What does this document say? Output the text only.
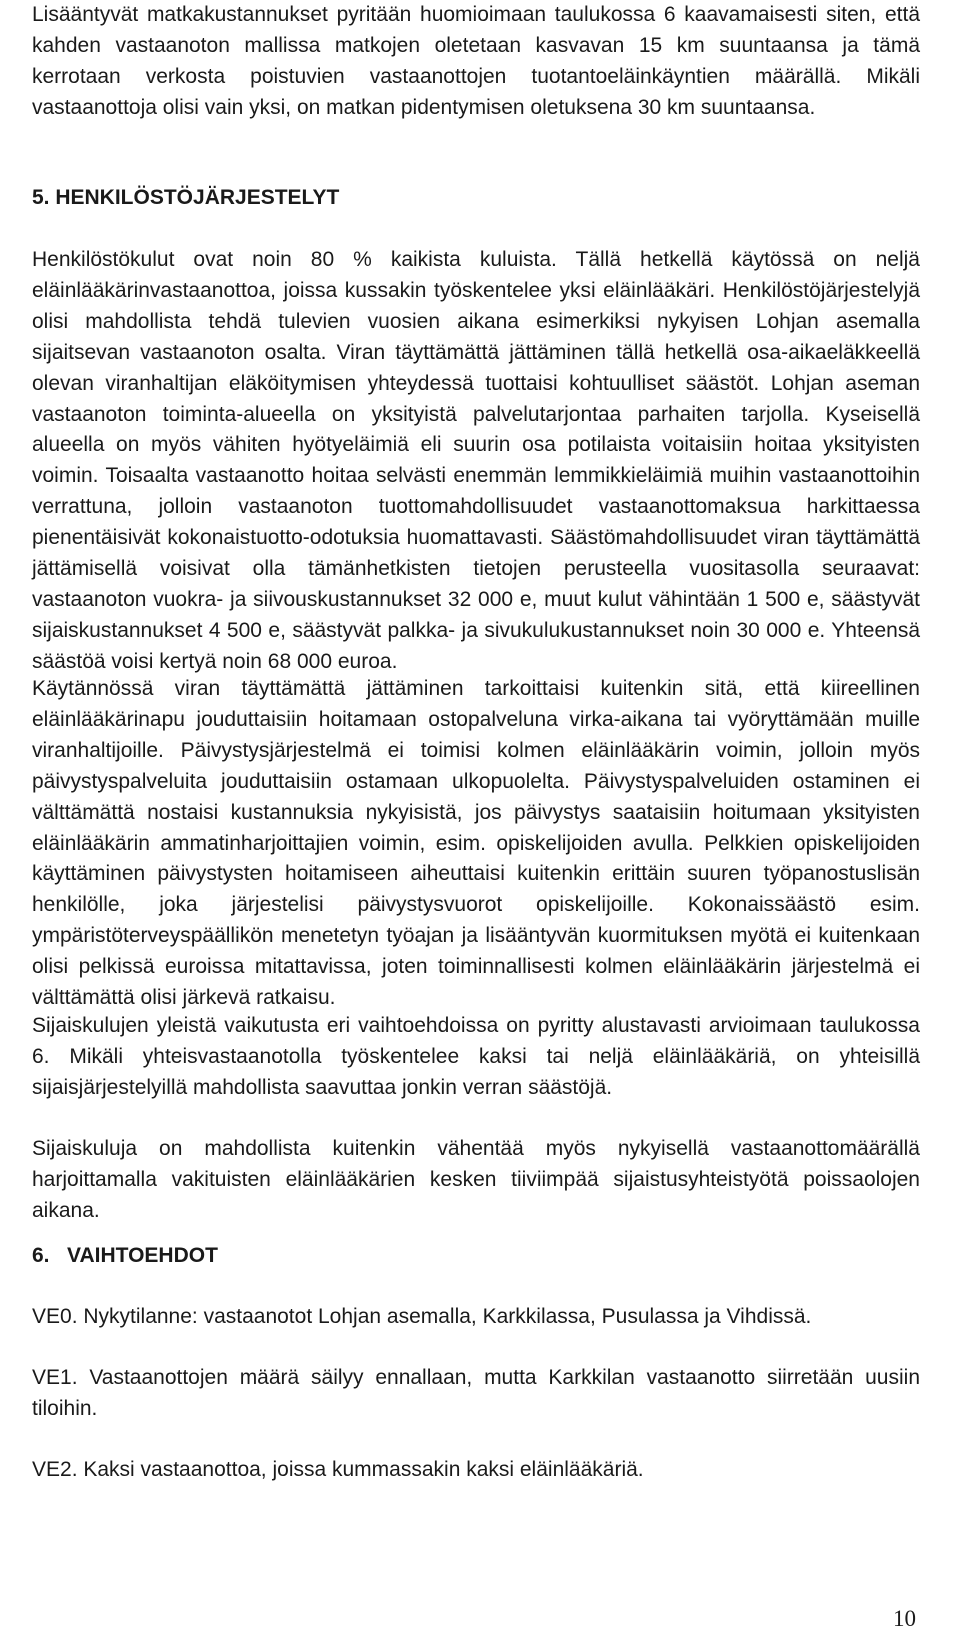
Lisääntyvät matkakustannukset pyritään huomioimaan taulukossa 6 kaavamaisesti siten, että kahden vastaanoton mallissa matkojen oletetaan kasvavan 15 km suuntaansa ja tämä kerrotaan verkosta poistuvien vastaanottojen tuotantoeläinkäyntien määrällä. Mikäli vastaanottoja olisi vain yksi, on matkan pidentymisen oletuksena 30 km suuntaansa.

5. HENKILÖSTÖJÄRJESTELYT

Henkilöstökulut ovat noin 80 % kaikista kuluista. Tällä hetkellä käytössä on neljä eläinlääkärinvastaanottoa, joissa kussakin työskentelee yksi eläinlääkäri. Henkilöstöjärjestelyjä olisi mahdollista tehdä tulevien vuosien aikana esimerkiksi nykyisen Lohjan asemalla sijaitsevan vastaanoton osalta. Viran täyttämättä jättäminen tällä hetkellä osa-aikaeläkkeellä olevan viranhaltijan eläköitymisen yhteydessä tuottaisi kohtuulliset säästöt. Lohjan aseman vastaanoton toiminta-alueella on yksityistä palvelutarjontaa parhaiten tarjolla. Kyseisellä alueella on myös vähiten hyötyeläimiä eli suurin osa potilaista voitaisiin hoitaa yksityisten voimin. Toisaalta vastaanotto hoitaa selvästi enemmän lemmikkieläimiä muihin vastaanottoihin verrattuna, jolloin vastaanoton tuottomahdollisuudet vastaanottomaksua harkittaessa pienentäisivät kokonaistuotto-odotuksia huomattavasti. Säästömahdollisuudet viran täyttämättä jättämisellä voisivat olla tämänhetkisten tietojen perusteella vuositasolla seuraavat: vastaanoton vuokra- ja siivouskustannukset 32 000 e, muut kulut vähintään 1 500 e, säästyvät sijaiskustannukset 4 500 e, säästyvät palkka- ja sivukulukustannukset noin 30 000 e. Yhteensä säästöä voisi kertyä noin 68 000 euroa.

Käytännössä viran täyttämättä jättäminen tarkoittaisi kuitenkin sitä, että kiireellinen eläinlääkärinapu jouduttaisiin hoitamaan ostopalveluna virka-aikana tai vyöryttämään muille viranhaltijoille. Päivystysjärjestelmä ei toimisi kolmen eläinlääkärin voimin, jolloin myös päivystyspalveluita jouduttaisiin ostamaan ulkopuolelta. Päivystyspalveluiden ostaminen ei välttämättä nostaisi kustannuksia nykyisistä, jos päivystys saataisiin hoitumaan yksityisten eläinlääkärin ammatinharjoittajien voimin, esim. opiskelijoiden avulla. Pelkkien opiskelijoiden käyttäminen päivystysten hoitamiseen aiheuttaisi kuitenkin erittäin suuren työpanostuslisän henkilölle, joka järjestelisi päivystysvuorot opiskelijoille. Kokonaissäästö esim. ympäristöterveyspäällikön menetetyn työajan ja lisääntyvän kuormituksen myötä ei kuitenkaan olisi pelkissä euroissa mitattavissa, joten toiminnallisesti kolmen eläinlääkärin järjestelmä ei välttämättä olisi järkevä ratkaisu.

Sijaiskulujen yleistä vaikutusta eri vaihtoehdoissa on pyritty alustavasti arvioimaan taulukossa 6. Mikäli yhteisvastaanotolla työskentelee kaksi tai neljä eläinlääkäriä, on yhteisillä sijaisjärjestelyillä mahdollista saavuttaa jonkin verran säästöjä.

Sijaiskuluja on mahdollista kuitenkin vähentää myös nykyisellä vastaanottomäärällä harjoittamalla vakituisten eläinlääkärien kesken tiiviimpää sijaistusyhteistyötä poissaolojen aikana.

6.   VAIHTOEHDOT

VE0. Nykytilanne: vastaanotot Lohjan asemalla, Karkkilassa, Pusulassa ja Vihdissä.

VE1. Vastaanottojen määrä säilyy ennallaan, mutta Karkkilan vastaanotto siirretään uusiin tiloihin.

VE2. Kaksi vastaanottoa, joissa kummassakin kaksi eläinlääkäriä.

10
